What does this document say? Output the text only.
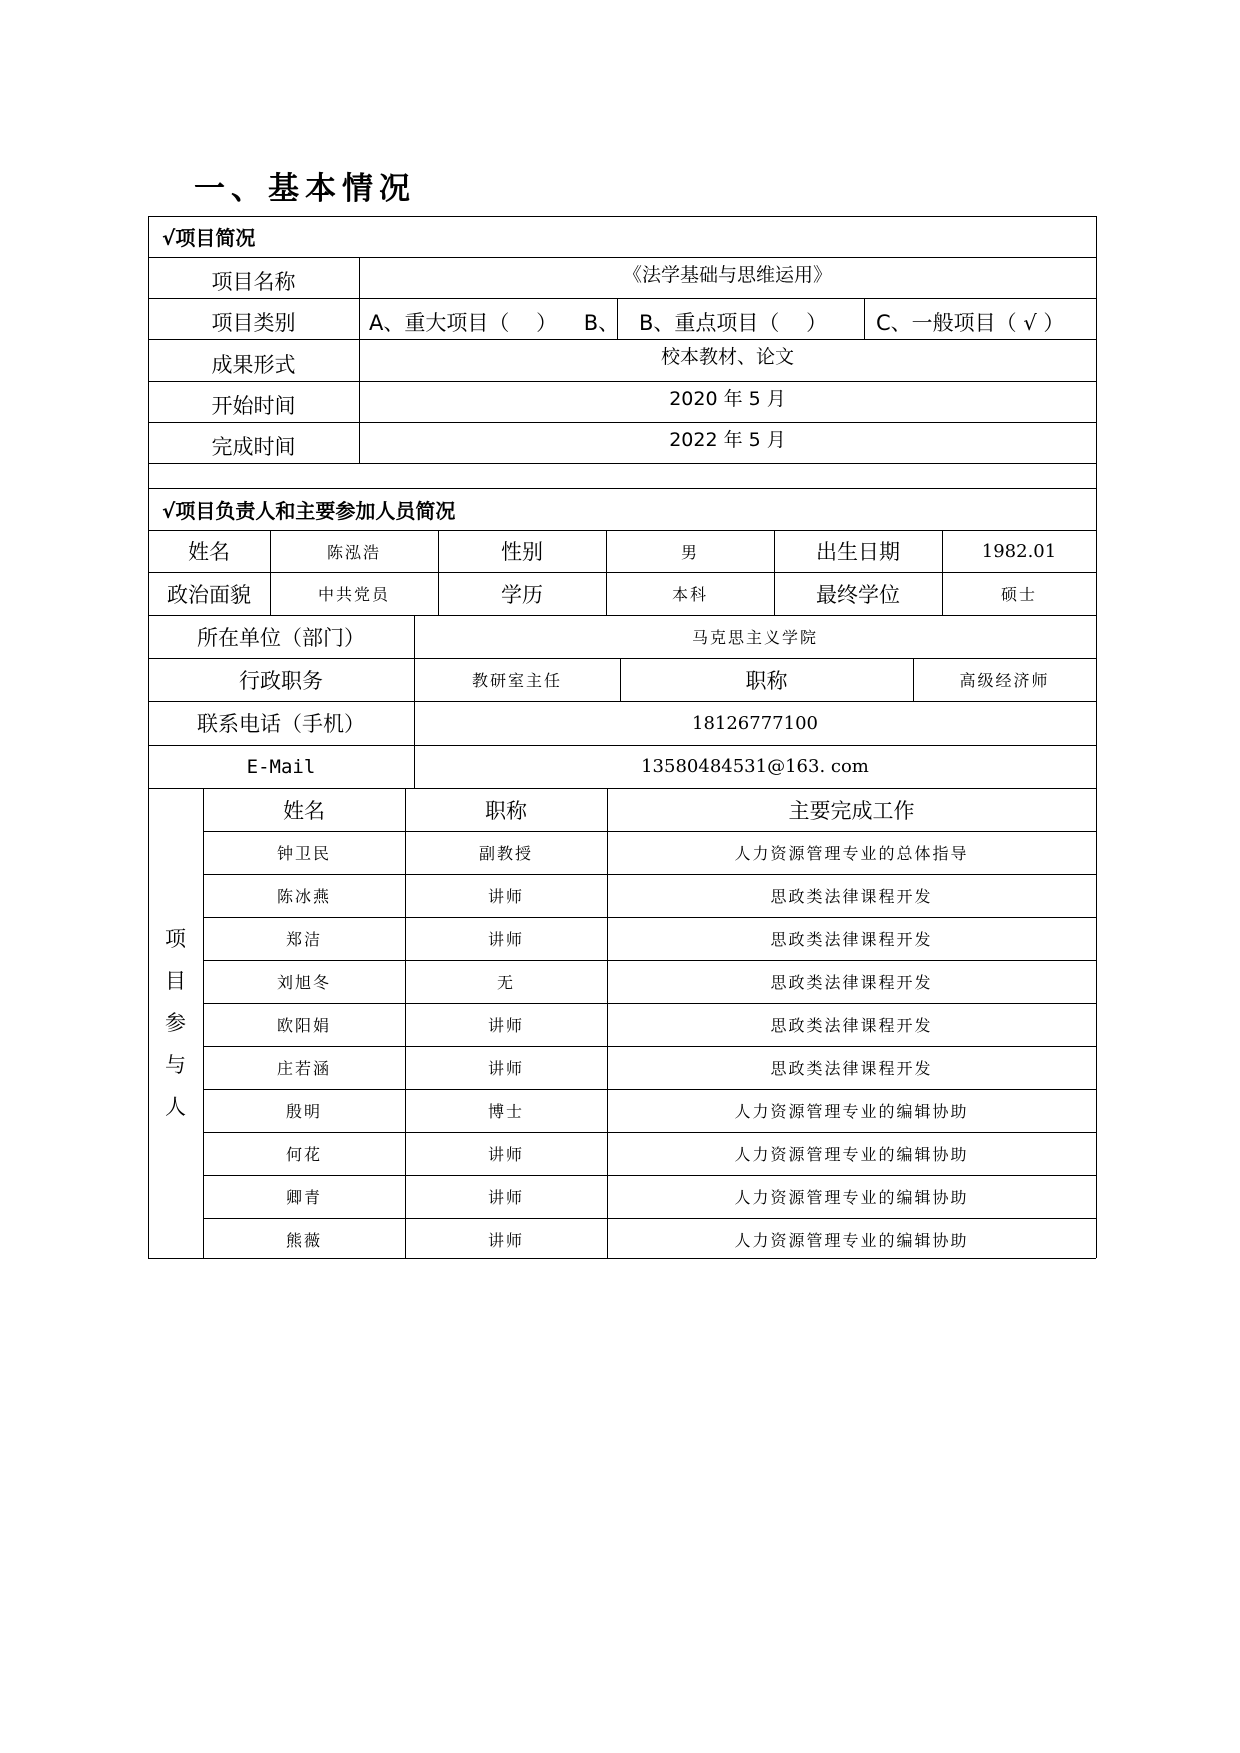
一、基本情况
√项目简况
项目名称	《法学基础与思维运用》
项目类别	A、重大项目（    ）    B、 B、重点项目（    ）	C、一般项目（ √ ）
成果形式	校本教材、论文
开始时间	2020 年 5 月
完成时间	2022 年 5 月
√项目负责人和主要参加人员简况
姓名	陈泓浩	性别	男	出生日期	1982.01
政治面貌	中共党员	学历	本科	最终学位	硕士
所在单位（部门）	马克思主义学院
行政职务	教研室主任	职称	高级经济师
联系电话（手机）	18126777100
E-Mail	13580484531@163. com
项
目
参
与
人
姓名	职称	主要完成工作
钟卫民	副教授	人力资源管理专业的总体指导
陈冰燕	讲师	思政类法律课程开发
郑洁	讲师	思政类法律课程开发
刘旭冬	无	思政类法律课程开发
欧阳娟	讲师	思政类法律课程开发
庄若涵	讲师	思政类法律课程开发
殷明	博士	人力资源管理专业的编辑协助
何花	讲师	人力资源管理专业的编辑协助
卿青	讲师	人力资源管理专业的编辑协助
熊薇	讲师	人力资源管理专业的编辑协助
